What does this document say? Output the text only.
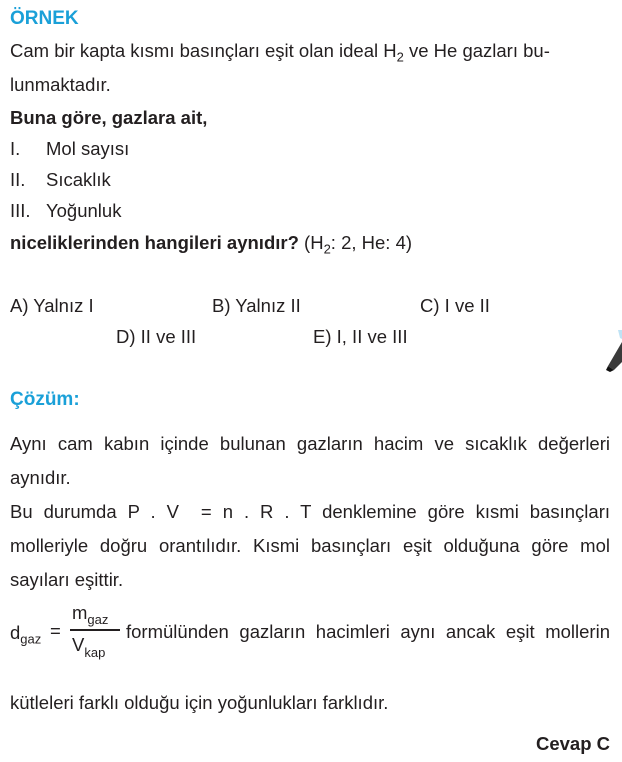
ÖRNEK
Cam bir kapta kısmı basınçları eşit olan ideal $H_2$ ve He gazları bu-
lunmaktadır.
Buna göre, gazlara ait,
I. Mol sayısı
II. Sıcaklık
III. Yoğunluk
niceliklerinden hangileri aynıdır? ($H_2$: 2, He: 4)
A) Yalnız I	B) Yalnız II	C) I ve II
D) II ve III	E) I, II ve III
Çözüm:
Aynı cam kabın içinde bulunan gazların hacim ve sıcaklık değerleri
aynıdır.
Bu durumda P . V  = n . R . T denklemine göre kısmi basınçları
molleriyle doğru orantılıdır. Kısmi basınçları eşit olduğuna göre mol
sayıları eşittir.
$d_{gaz}$ =
$m_{gaz}$
$V_{kap}$
formülünden gazların hacimleri aynı ancak eşit mollerin
kütleleri farklı olduğu için yoğunlukları farklıdır.
Cevap C
